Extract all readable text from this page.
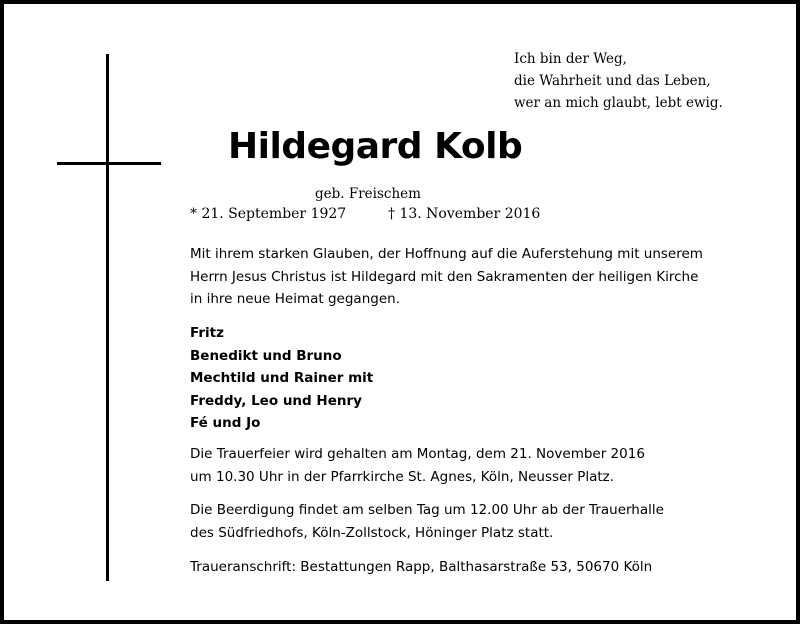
Ich bin der Weg,
die Wahrheit und das Leben,
wer an mich glaubt, lebt ewig.
Hildegard Kolb
geb. Freischem
* 21. September 1927	† 13. November 2016
Mit ihrem starken Glauben, der Hoffnung auf die Auferstehung mit unserem
Herrn Jesus Christus ist Hildegard mit den Sakramenten der heiligen Kirche
in ihre neue Heimat gegangen.
Fritz
Benedikt und Bruno
Mechtild und Rainer mit
Freddy, Leo und Henry
Fé und Jo
Die Trauerfeier wird gehalten am Montag, dem 21. November 2016
um 10.30 Uhr in der Pfarrkirche St. Agnes, Köln, Neusser Platz.
Die Beerdigung findet am selben Tag um 12.00 Uhr ab der Trauerhalle
des Südfriedhofs, Köln-Zollstock, Höninger Platz statt.
Traueranschrift: Bestattungen Rapp, Balthasarstraße 53, 50670 Köln
